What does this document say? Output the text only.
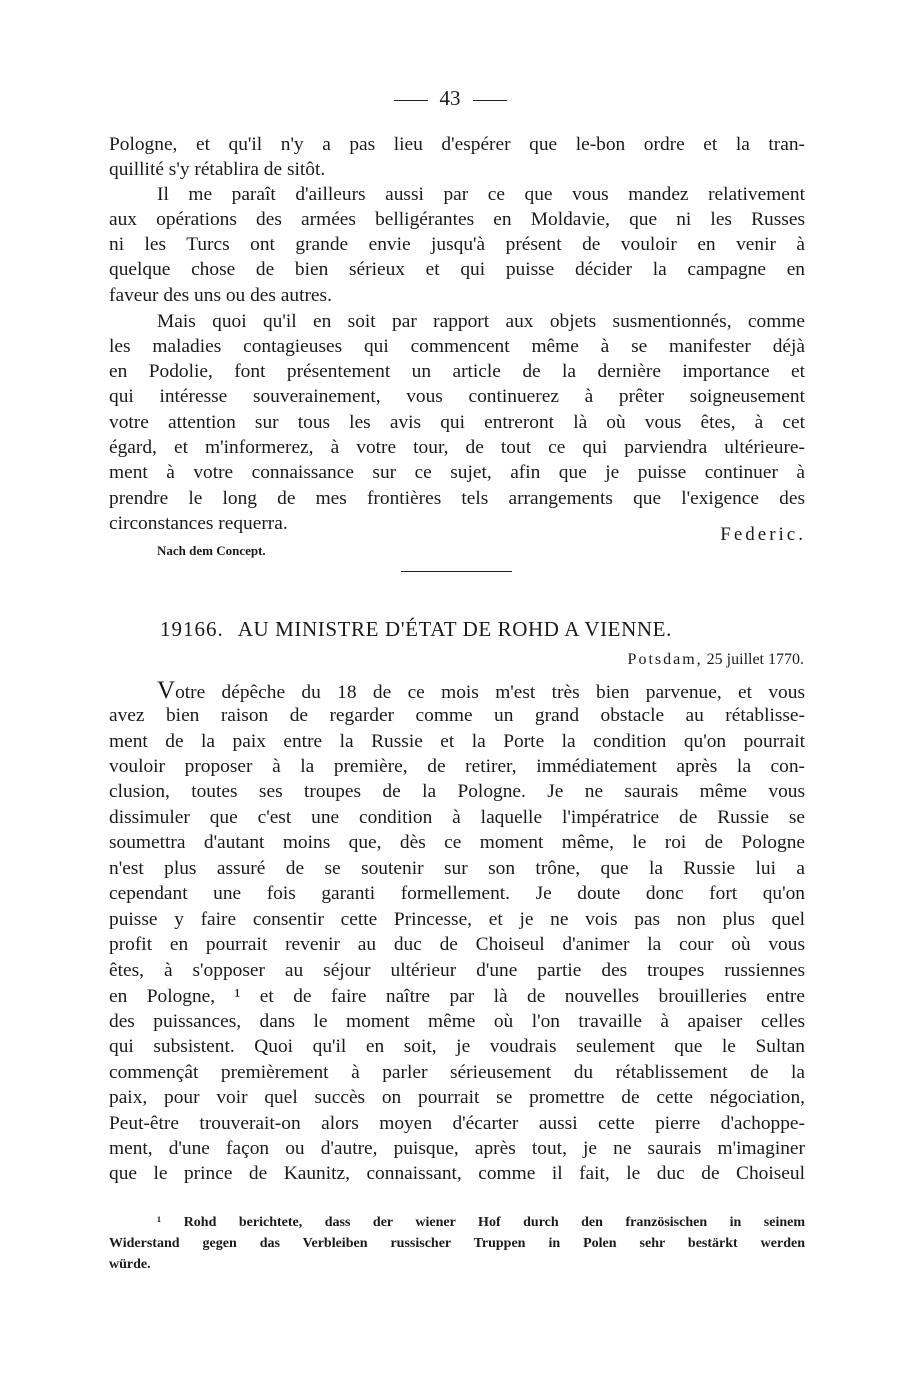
43
Pologne, et qu'il n'y a pas lieu d'espérer que le-bon ordre et la tran-
quillité s'y rétablira de sitôt.
Il me paraît d'ailleurs aussi par ce que vous mandez relativement
aux opérations des armées belligérantes en Moldavie, que ni les Russes
ni les Turcs ont grande envie jusqu'à présent de vouloir en venir à
quelque chose de bien sérieux et qui puisse décider la campagne en
faveur des uns ou des autres.
Mais quoi qu'il en soit par rapport aux objets susmentionnés, comme
les maladies contagieuses qui commencent même à se manifester déjà
en Podolie, font présentement un article de la dernière importance et
qui intéresse souverainement, vous continuerez à prêter soigneusement
votre attention sur tous les avis qui entreront là où vous êtes, à cet
égard, et m'informerez, à votre tour, de tout ce qui parviendra ultérieure-
ment à votre connaissance sur ce sujet, afin que je puisse continuer à
prendre le long de mes frontières tels arrangements que l'exigence des
circonstances requerra.
Federic.
Nach dem Concept.
19166. AU MINISTRE D'ÉTAT DE ROHD A VIENNE.
Potsdam, 25 juillet 1770.
Votre dépêche du 18 de ce mois m'est très bien parvenue, et vous
avez bien raison de regarder comme un grand obstacle au rétablisse-
ment de la paix entre la Russie et la Porte la condition qu'on pourrait
vouloir proposer à la première, de retirer, immédiatement après la con-
clusion, toutes ses troupes de la Pologne. Je ne saurais même vous
dissimuler que c'est une condition à laquelle l'impératrice de Russie se
soumettra d'autant moins que, dès ce moment même, le roi de Pologne
n'est plus assuré de se soutenir sur son trône, que la Russie lui a
cependant une fois garanti formellement. Je doute donc fort qu'on
puisse y faire consentir cette Princesse, et je ne vois pas non plus quel
profit en pourrait revenir au duc de Choiseul d'animer la cour où vous
êtes, à s'opposer au séjour ultérieur d'une partie des troupes russiennes
en Pologne, ¹ et de faire naître par là de nouvelles brouilleries entre
des puissances, dans le moment même où l'on travaille à apaiser celles
qui subsistent. Quoi qu'il en soit, je voudrais seulement que le Sultan
commençât premièrement à parler sérieusement du rétablissement de la
paix, pour voir quel succès on pourrait se promettre de cette négociation,
Peut-être trouverait-on alors moyen d'écarter aussi cette pierre d'achoppe-
ment, d'une façon ou d'autre, puisque, après tout, je ne saurais m'imaginer
que le prince de Kaunitz, connaissant, comme il fait, le duc de Choiseul
¹ Rohd berichtete, dass der wiener Hof durch den französischen in seinem
Widerstand gegen das Verbleiben russischer Truppen in Polen sehr bestärkt werden
würde.
